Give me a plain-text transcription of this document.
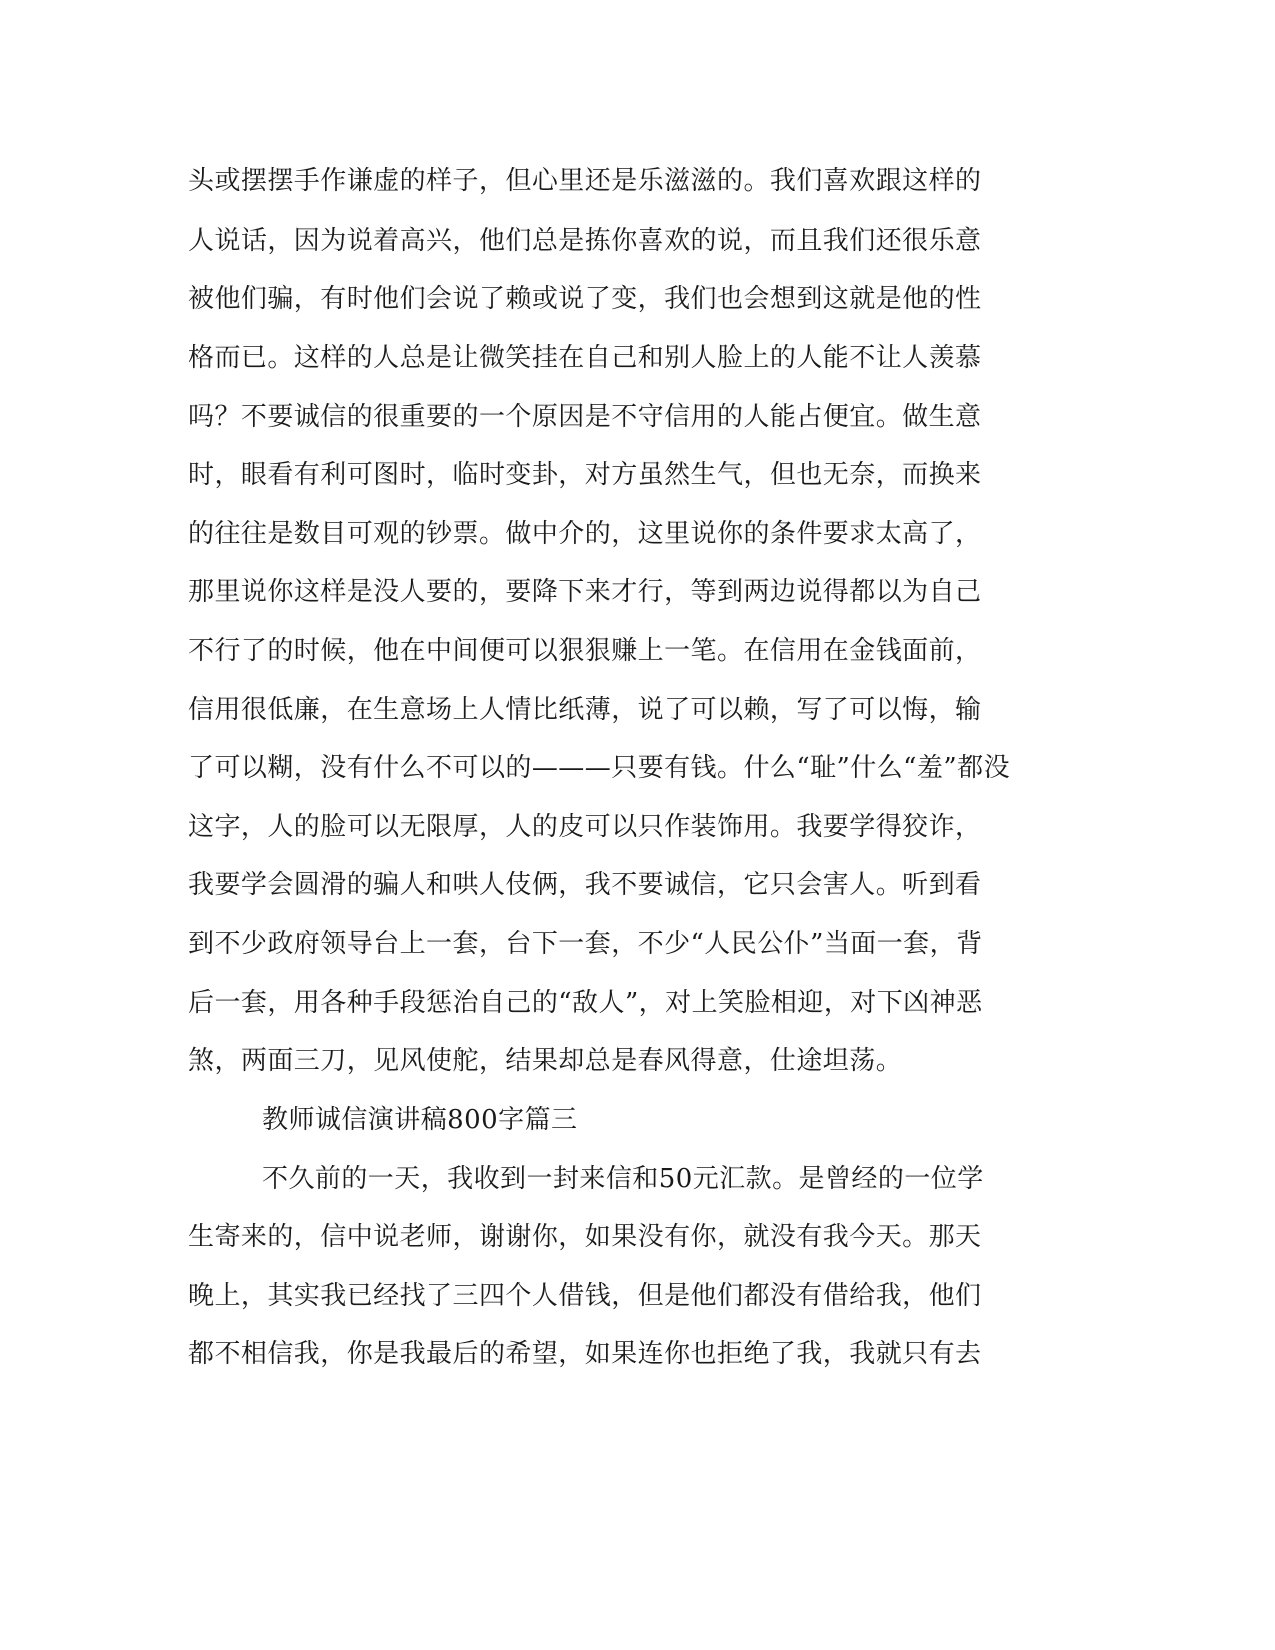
头或摆摆手作谦虚的样子，但心里还是乐滋滋的。我们喜欢跟这样的
人说话，因为说着高兴，他们总是拣你喜欢的说，而且我们还很乐意
被他们骗，有时他们会说了赖或说了变，我们也会想到这就是他的性
格而已。这样的人总是让微笑挂在自己和别人脸上的人能不让人羡慕
吗？不要诚信的很重要的一个原因是不守信用的人能占便宜。做生意
时，眼看有利可图时，临时变卦，对方虽然生气，但也无奈，而换来
的往往是数目可观的钞票。做中介的，这里说你的条件要求太高了，
那里说你这样是没人要的，要降下来才行，等到两边说得都以为自己
不行了的时候，他在中间便可以狠狠赚上一笔。在信用在金钱面前，
信用很低廉，在生意场上人情比纸薄，说了可以赖，写了可以悔，输
了可以糊，没有什么不可以的———只要有钱。什么“耻”什么“羞”都没
这字，人的脸可以无限厚，人的皮可以只作装饰用。我要学得狡诈，
我要学会圆滑的骗人和哄人伎俩，我不要诚信，它只会害人。听到看
到不少政府领导台上一套，台下一套，不少“人民公仆”当面一套，背
后一套，用各种手段惩治自己的“敌人”，对上笑脸相迎，对下凶神恶
煞，两面三刀，见风使舵，结果却总是春风得意，仕途坦荡。
教师诚信演讲稿800字篇三
不久前的一天，我收到一封来信和50元汇款。是曾经的一位学
生寄来的，信中说老师，谢谢你，如果没有你，就没有我今天。那天
晚上，其实我已经找了三四个人借钱，但是他们都没有借给我，他们
都不相信我，你是我最后的希望，如果连你也拒绝了我，我就只有去
